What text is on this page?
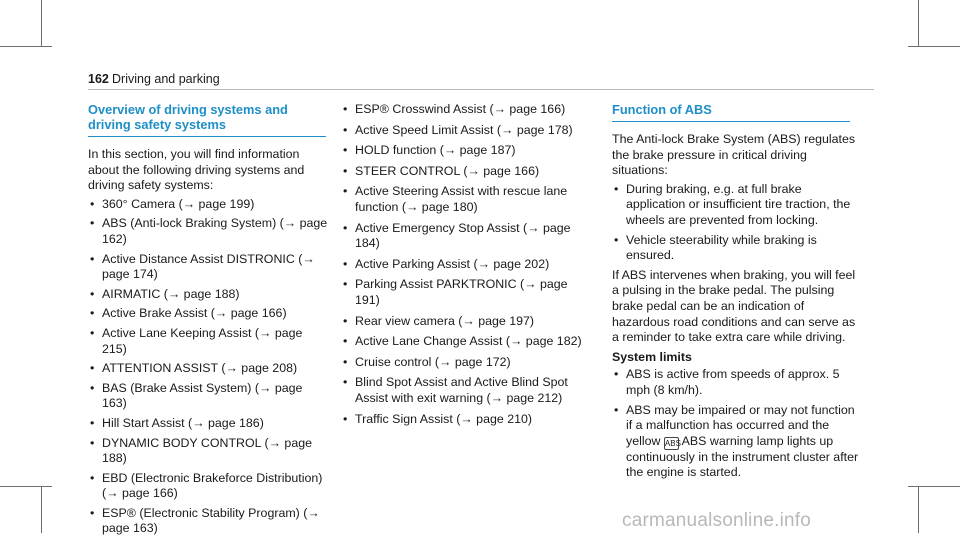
162 Driving and parking
Overview of driving systems and driving safety systems

In this section, you will find information about the following driving systems and driving safety systems:

• 360° Camera (→ page 199)
• ABS (Anti-lock Braking System) (→ page 162)
• Active Distance Assist DISTRONIC (→ page 174)
• AIRMATIC (→ page 188)
• Active Brake Assist (→ page 166)
• Active Lane Keeping Assist (→ page 215)
• ATTENTION ASSIST (→ page 208)
• BAS (Brake Assist System) (→ page 163)
• Hill Start Assist (→ page 186)
• DYNAMIC BODY CONTROL (→ page 188)
• EBD (Electronic Brakeforce Distribution) (→ page 166)
• ESP® (Electronic Stability Program) (→ page 163)
• ESP® Crosswind Assist (→ page 166)
• Active Speed Limit Assist (→ page 178)
• HOLD function (→ page 187)
• STEER CONTROL (→ page 166)
• Active Steering Assist with rescue lane function (→ page 180)
• Active Emergency Stop Assist (→ page 184)
• Active Parking Assist (→ page 202)
• Parking Assist PARKTRONIC (→ page 191)
• Rear view camera (→ page 197)
• Active Lane Change Assist (→ page 182)
• Cruise control (→ page 172)
• Blind Spot Assist and Active Blind Spot Assist with exit warning (→ page 212)
• Traffic Sign Assist (→ page 210)
Function of ABS

The Anti-lock Brake System (ABS) regulates the brake pressure in critical driving situations:

• During braking, e.g. at full brake application or insufficient tire traction, the wheels are prevented from locking.
• Vehicle steerability while braking is ensured.

If ABS intervenes when braking, you will feel a pulsing in the brake pedal. The pulsing brake pedal can be an indication of hazardous road conditions and can serve as a reminder to take extra care while driving.

System limits

• ABS is active from speeds of approx. 5 mph (8 km/h).
• ABS may be impaired or may not function if a malfunction has occurred and the yellow ABS ABS warning lamp lights up continuously in the instrument cluster after the engine is started.
carmanualsonline.info
